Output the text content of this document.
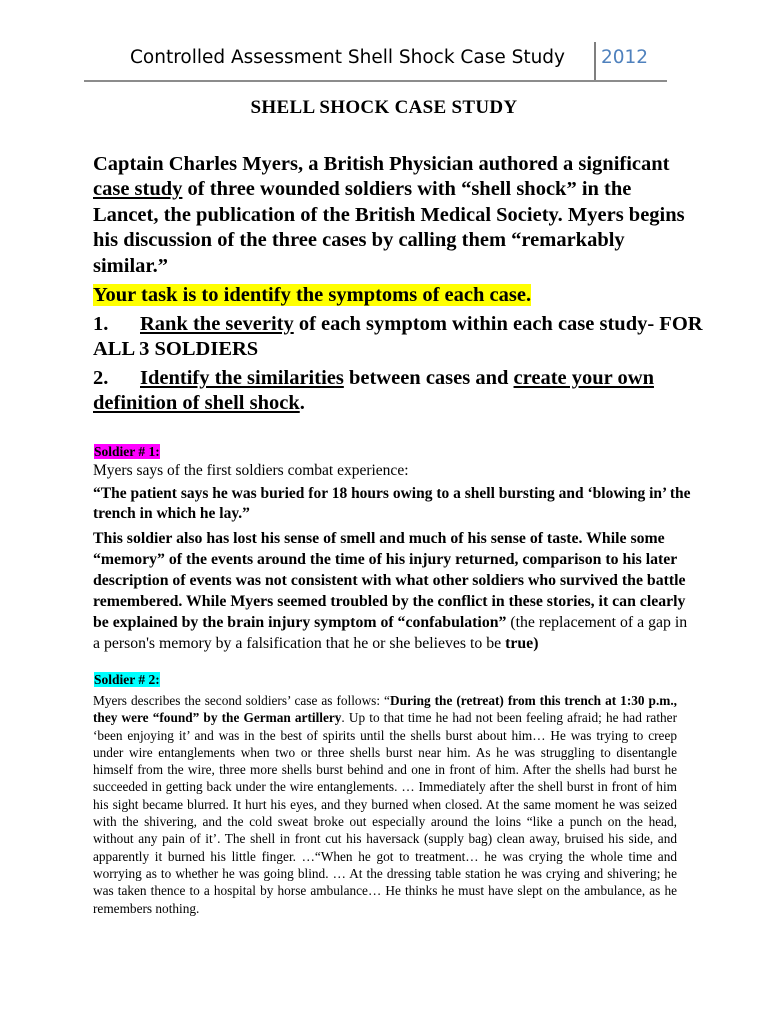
Controlled Assessment Shell Shock Case Study 2012
SHELL SHOCK CASE STUDY
Captain Charles Myers, a British Physician authored a significant case study of three wounded soldiers with “shell shock” in the Lancet, the publication of the British Medical Society. Myers begins his discussion of the three cases by calling them “remarkably similar.”
Your task is to identify the symptoms of each case.
1. Rank the severity of each symptom within each case study- FOR ALL 3 SOLDIERS
2. Identify the similarities between cases and create your own definition of shell shock.
Soldier # 1:
Myers says of the first soldiers combat experience:
“The patient says he was buried for 18 hours owing to a shell bursting and ‘blowing in’ the trench in which he lay.”
This soldier also has lost his sense of smell and much of his sense of taste. While some “memory” of the events around the time of his injury returned, comparison to his later description of events was not consistent with what other soldiers who survived the battle remembered. While Myers seemed troubled by the conflict in these stories, it can clearly be explained by the brain injury symptom of “confabulation” (the replacement of a gap in a person's memory by a falsification that he or she believes to be true)
Soldier # 2:
Myers describes the second soldiers’ case as follows: “During the (retreat) from this trench at 1:30 p.m., they were “found” by the German artillery. Up to that time he had not been feeling afraid; he had rather ‘been enjoying it’ and was in the best of spirits until the shells burst about him… He was trying to creep under wire entanglements when two or three shells burst near him. As he was struggling to disentangle himself from the wire, three more shells burst behind and one in front of him. After the shells had burst he succeeded in getting back under the wire entanglements. … Immediately after the shell burst in front of him his sight became blurred. It hurt his eyes, and they burned when closed. At the same moment he was seized with the shivering, and the cold sweat broke out especially around the loins “like a punch on the head, without any pain of it’. The shell in front cut his haversack (supply bag) clean away, bruised his side, and apparently it burned his little finger. …“When he got to treatment… he was crying the whole time and worrying as to whether he was going blind. … At the dressing table station he was crying and shivering; he was taken thence to a hospital by horse ambulance… He thinks he must have slept on the ambulance, as he remembers nothing.
